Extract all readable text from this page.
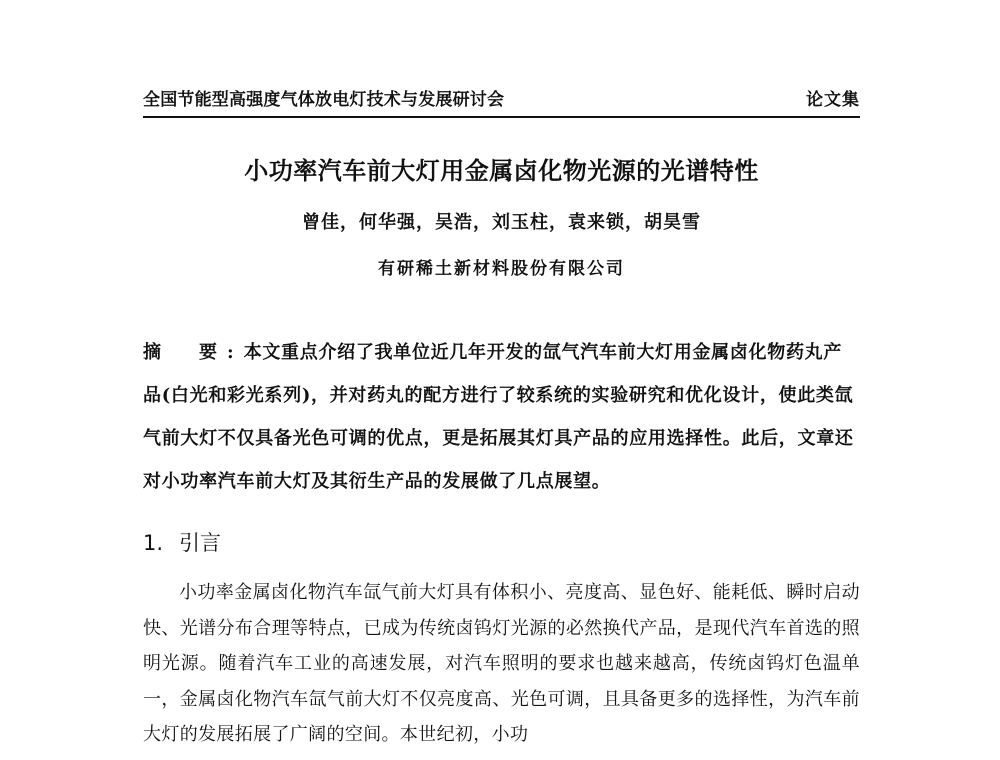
全国节能型高强度气体放电灯技术与发展研讨会	论文集
小功率汽车前大灯用金属卤化物光源的光谱特性
曾佳，何华强，吴浩，刘玉柱，袁来锁，胡昊雪
有研稀土新材料股份有限公司
摘　要:本文重点介绍了我单位近几年开发的氙气汽车前大灯用金属卤化物药丸产品(白光和彩光系列)，并对药丸的配方进行了较系统的实验研究和优化设计，使此类氙气前大灯不仅具备光色可调的优点，更是拓展其灯具产品的应用选择性。此后，文章还对小功率汽车前大灯及其衍生产品的发展做了几点展望。
1. 引言
小功率金属卤化物汽车氙气前大灯具有体积小、亮度高、显色好、能耗低、瞬时启动快、光谱分布合理等特点，已成为传统卤钨灯光源的必然换代产品，是现代汽车首选的照明光源。随着汽车工业的高速发展，对汽车照明的要求也越来越高，传统卤钨灯色温单一，金属卤化物汽车氙气前大灯不仅亮度高、光色可调，且具备更多的选择性，为汽车前大灯的发展拓展了广阔的空间。本世纪初，小功
